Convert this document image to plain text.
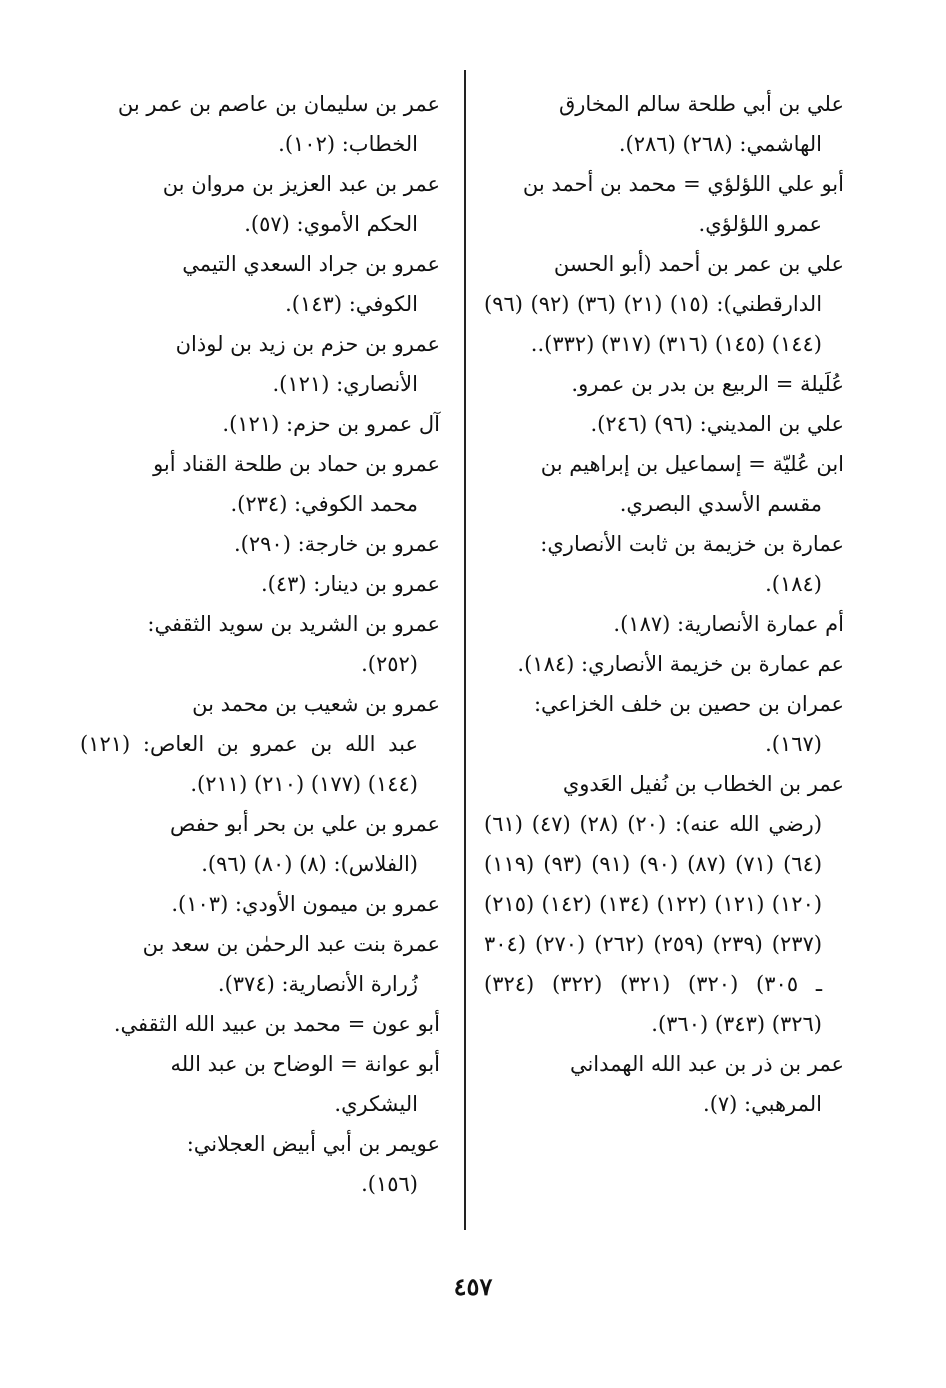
علي بن أبي طلحة سالم المخارق
الهاشمي: (٢٦٨) (٢٨٦).

أبو علي اللؤلؤي = محمد بن أحمد بن
عمرو اللؤلؤي.

علي بن عمر بن أحمد (أبو الحسن
الدارقطني): (١٥) (٢١) (٣٦) (٩٢) (٩٦) (١٤٤) (١٤٥) (٣١٦) (٣١٧) (٣٣٢)..

عُلَيلة = الربيع بن بدر بن عمرو.

علي بن المديني: (٩٦) (٢٤٦).

ابن عُليّة = إسماعيل بن إبراهيم بن
مقسم الأسدي البصري.

عمارة بن خزيمة بن ثابت الأنصاري:
(١٨٤).

أم عمارة الأنصارية: (١٨٧).

عم عمارة بن خزيمة الأنصاري: (١٨٤).

عمران بن حصين بن خلف الخزاعي:
(١٦٧).

عمر بن الخطاب بن نُفيل العَدوي
(رضي الله عنه): (٢٠) (٢٨) (٤٧) (٦١) (٦٤) (٧١) (٨٧) (٩٠) (٩١) (٩٣) (١١٩) (١٢٠) (١٢١) (١٢٢) (١٣٤) (١٤٢) (٢١٥) (٢٣٧) (٢٣٩) (٢٥٩) (٢٦٢) (٢٧٠) (٣٠٤ ـ ٣٠٥) (٣٢٠) (٣٢١) (٣٢٢) (٣٢٤) (٣٢٦) (٣٤٣) (٣٦٠).

عمر بن ذر بن عبد الله الهمداني
المرهبي: (٧).

عمر بن سليمان بن عاصم بن عمر بن
الخطاب: (١٠٢).

عمر بن عبد العزيز بن مروان بن
الحكم الأموي: (٥٧).

عمرو بن جراد السعدي التيمي
الكوفي: (١٤٣).

عمرو بن حزم بن زيد بن لوذان
الأنصاري: (١٢١).

آل عمرو بن حزم: (١٢١).

عمرو بن حماد بن طلحة القناد أبو
محمد الكوفي: (٢٣٤).

عمرو بن خارجة: (٢٩٠).

عمرو بن دينار: (٤٣).

عمرو بن الشريد بن سويد الثقفي:
(٢٥٢).

عمرو بن شعيب بن محمد بن
عبد الله بن عمرو بن العاص: (١٢١) (١٤٤) (١٧٧) (٢١٠) (٢١١).

عمرو بن علي بن بحر أبو حفص
(الفلاس): (٨) (٨٠) (٩٦).

عمرو بن ميمون الأودي: (١٠٣).

عمرة بنت عبد الرحمٰن بن سعد بن
زُرارة الأنصارية: (٣٧٤).

أبو عون = محمد بن عبيد الله الثقفي.

أبو عوانة = الوضاح بن عبد الله
اليشكري.

عويمر بن أبي أبيض العجلاني:
(١٥٦).

٤٥٧
